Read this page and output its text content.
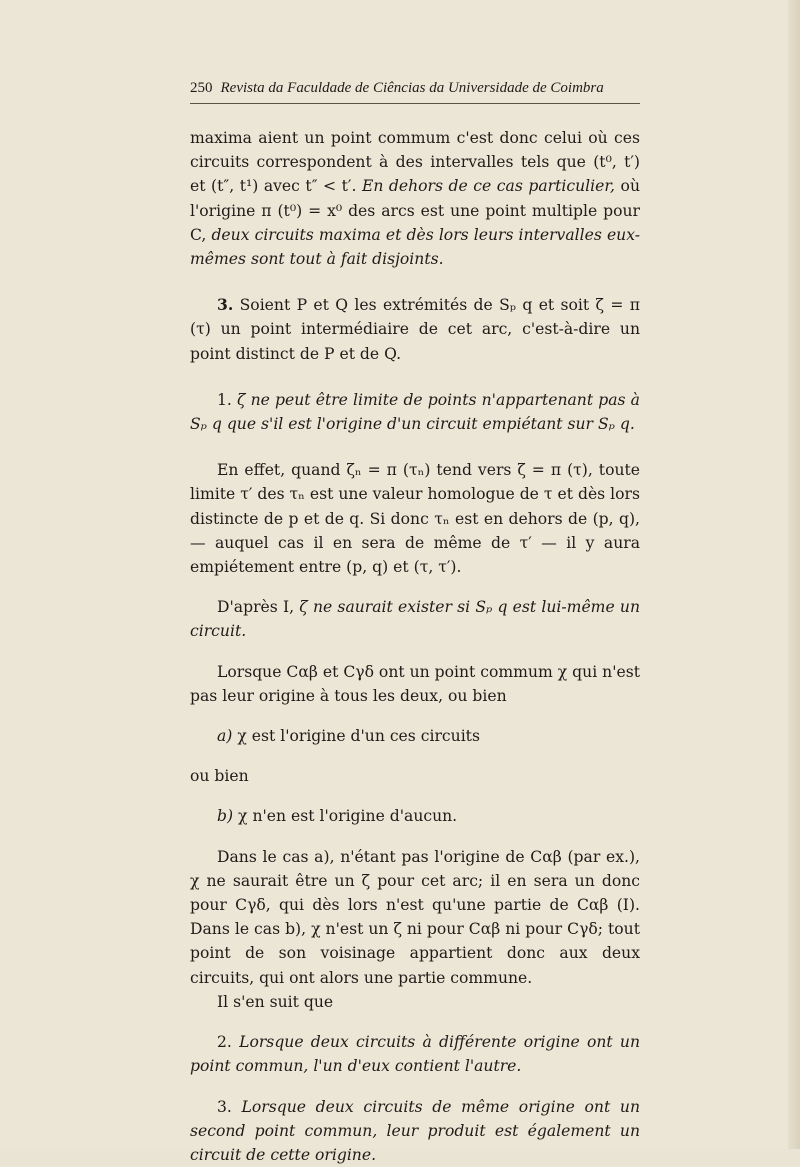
250 Revista da Faculdade de Ciências da Universidade de Coimbra

maxima aient un point commum c'est donc celui où ces circuits correspondent à des intervalles tels que (t⁰, t′) et (t″, t¹) avec t″ < t′. En dehors de ce cas particulier, où l'origine π (t⁰) = x⁰ des arcs est une point multiple pour C, deux circuits maxima et dès lors leurs intervalles eux-mêmes sont tout à fait disjoints.

3. Soient P et Q les extrémités de Sₚ q et soit ζ = π (τ) un point intermédiaire de cet arc, c'est-à-dire un point distinct de P et de Q.

1. ζ ne peut être limite de points n'appartenant pas à Sₚ q que s'il est l'origine d'un circuit empiétant sur Sₚ q.

En effet, quand ζₙ = π (τₙ) tend vers ζ = π (τ), toute limite τ′ des τₙ est une valeur homologue de τ et dès lors distincte de p et de q. Si donc τₙ est en dehors de (p, q), — auquel cas il en sera de même de τ′ — il y aura empiétement entre (p, q) et (τ, τ′).

D'après I, ζ ne saurait exister si Sₚ q est lui-même un circuit.

Lorsque Cαβ et Cγδ ont un point commum χ qui n'est pas leur origine à tous les deux, ou bien

a) χ est l'origine d'un ces circuits

ou bien

b) χ n'en est l'origine d'aucun.

Dans le cas a), n'étant pas l'origine de Cαβ (par ex.), χ ne saurait être un ζ pour cet arc; il en sera un donc pour Cγδ, qui dès lors n'est qu'une partie de Cαβ (I). Dans le cas b), χ n'est un ζ ni pour Cαβ ni pour Cγδ; tout point de son voisinage appartient donc aux deux circuits, qui ont alors une partie commune.

Il s'en suit que

2. Lorsque deux circuits à différente origine ont un point commun, l'un d'eux contient l'autre.

3. Lorsque deux circuits de même origine ont un second point commun, leur produit est également un circuit de cette origine.
